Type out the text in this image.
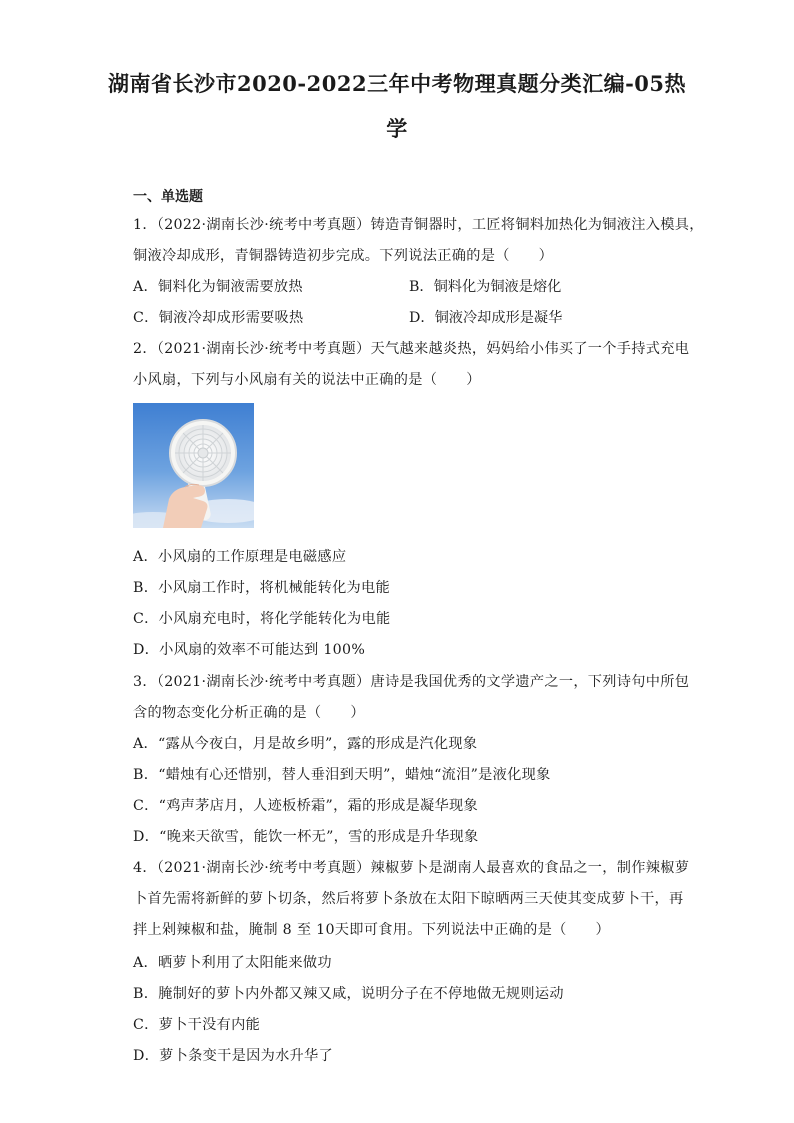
湖南省长沙市2020-2022三年中考物理真题分类汇编-05热
学
一、单选题
1．（2022·湖南长沙·统考中考真题）铸造青铜器时，工匠将铜料加热化为铜液注入模具，
铜液冷却成形，青铜器铸造初步完成。下列说法正确的是（　　）
A．铜料化为铜液需要放热	B．铜料化为铜液是熔化
C．铜液冷却成形需要吸热	D．铜液冷却成形是凝华
2．（2021·湖南长沙·统考中考真题）天气越来越炎热，妈妈给小伟买了一个手持式充电
小风扇，下列与小风扇有关的说法中正确的是（　　）
A．小风扇的工作原理是电磁感应
B．小风扇工作时，将机械能转化为电能
C．小风扇充电时，将化学能转化为电能
D．小风扇的效率不可能达到 100%
3．（2021·湖南长沙·统考中考真题）唐诗是我国优秀的文学遗产之一，下列诗句中所包
含的物态变化分析正确的是（　　）
A．“露从今夜白，月是故乡明”，露的形成是汽化现象
B．“蜡烛有心还惜别，替人垂泪到天明”，蜡烛“流泪”是液化现象
C．“鸡声茅店月，人迹板桥霜”，霜的形成是凝华现象
D．“晚来天欲雪，能饮一杯无”，雪的形成是升华现象
4．（2021·湖南长沙·统考中考真题）辣椒萝卜是湖南人最喜欢的食品之一，制作辣椒萝
卜首先需将新鲜的萝卜切条，然后将萝卜条放在太阳下晾晒两三天使其变成萝卜干，再
拌上剁辣椒和盐，腌制 8 至 10天即可食用。下列说法中正确的是（　　）
A．晒萝卜利用了太阳能来做功
B．腌制好的萝卜内外都又辣又咸，说明分子在不停地做无规则运动
C．萝卜干没有内能
D．萝卜条变干是因为水升华了
